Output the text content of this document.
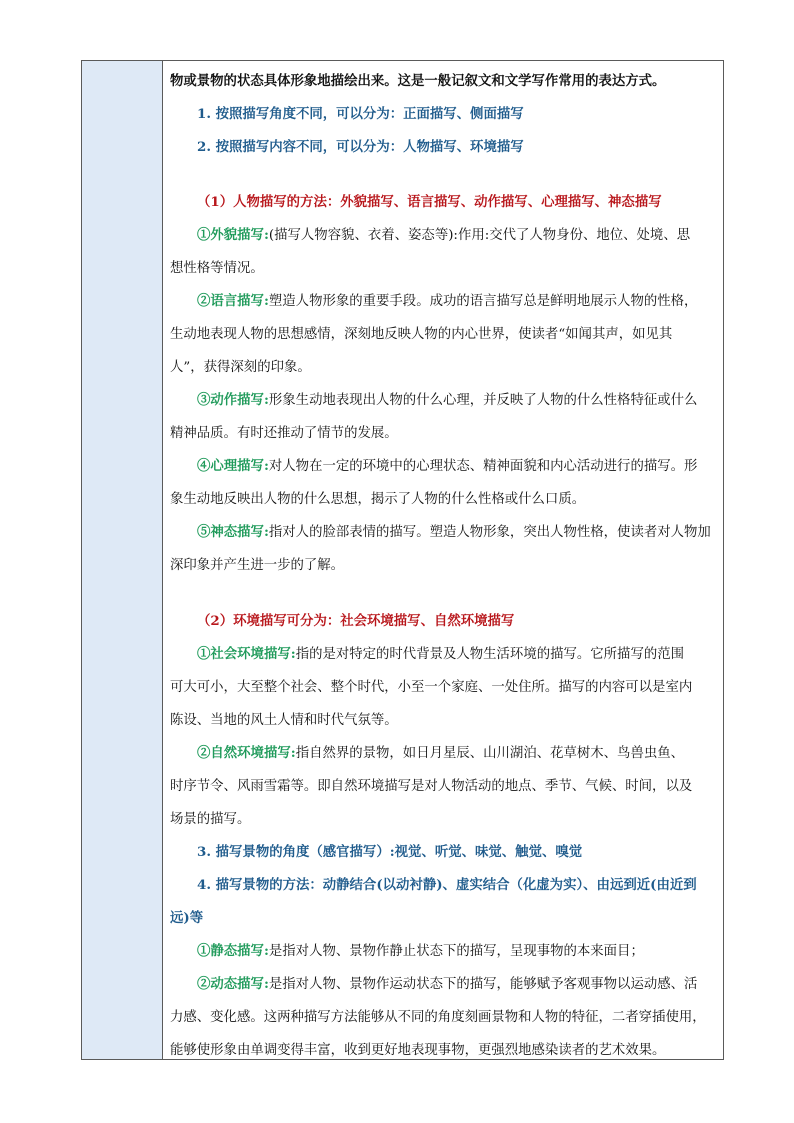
物或景物的状态具体形象地描绘出来。这是一般记叙文和文学写作常用的表达方式。

1. 按照描写角度不同，可以分为：正面描写、侧面描写

2. 按照描写内容不同，可以分为：人物描写、环境描写

（1）人物描写的方法：外貌描写、语言描写、动作描写、心理描写、神态描写

①外貌描写:(描写人物容貌、衣着、姿态等):作用:交代了人物身份、地位、处境、思

想性格等情况。

②语言描写:塑造人物形象的重要手段。成功的语言描写总是鲜明地展示人物的性格，

生动地表现人物的思想感情，深刻地反映人物的内心世界，使读者“如闻其声，如见其

人”，获得深刻的印象。

③动作描写:形象生动地表现出人物的什么心理，并反映了人物的什么性格特征或什么

精神品质。有时还推动了情节的发展。

④心理描写:对人物在一定的环境中的心理状态、精神面貌和内心活动进行的描写。形

象生动地反映出人物的什么思想，揭示了人物的什么性格或什么口质。

⑤神态描写:指对人的脸部表情的描写。塑造人物形象，突出人物性格，使读者对人物加

深印象并产生进一步的了解。

（2）环境描写可分为：社会环境描写、自然环境描写

①社会环境描写:指的是对特定的时代背景及人物生活环境的描写。它所描写的范围

可大可小，大至整个社会、整个时代，小至一个家庭、一处住所。描写的内容可以是室内

陈设、当地的风土人情和时代气氛等。

②自然环境描写:指自然界的景物，如日月星辰、山川湖泊、花草树木、鸟兽虫鱼、

时序节令、风雨雪霜等。即自然环境描写是对人物活动的地点、季节、气候、时间，以及

场景的描写。

3. 描写景物的角度（感官描写）:视觉、听觉、味觉、触觉、嗅觉

4. 描写景物的方法：动静结合(以动衬静)、虚实结合（化虚为实）、由远到近(由近到

远)等

①静态描写:是指对人物、景物作静止状态下的描写，呈现事物的本来面目；

②动态描写:是指对人物、景物作运动状态下的描写，能够赋予客观事物以运动感、活

力感、变化感。这两种描写方法能够从不同的角度刻画景物和人物的特征，二者穿插使用，

能够使形象由单调变得丰富，收到更好地表现事物，更强烈地感染读者的艺术效果。
